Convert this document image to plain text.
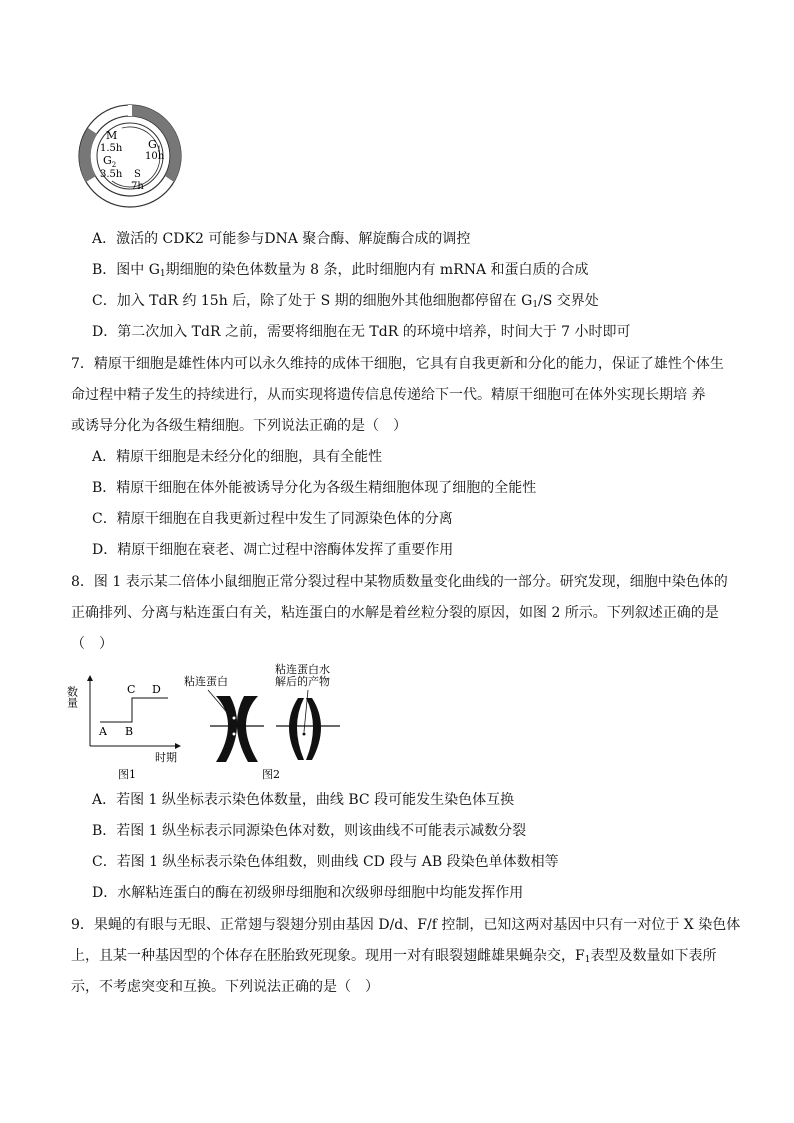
M
1.5h
$G_2$
3.5h
$G_1$
10h
S
7h
A．激活的 CDK2 可能参与DNA 聚合酶、解旋酶合成的调控
B．图中 $G_1$期细胞的染色体数量为 8 条，此时细胞内有 mRNA 和蛋白质的合成
C．加入 TdR 约 15h 后，除了处于 S 期的细胞外其他细胞都停留在 $G_1/S$ 交界处
D．第二次加入 TdR 之前，需要将细胞在无 TdR 的环境中培养，时间大于 7 小时即可
7．精原干细胞是雄性体内可以永久维持的成体干细胞，它具有自我更新和分化的能力，保证了雄性个体生
命过程中精子发生的持续进行，从而实现将遗传信息传递给下一代。精原干细胞可在体外实现长期培 养
或诱导分化为各级生精细胞。下列说法正确的是（　）
A．精原干细胞是未经分化的细胞，具有全能性
B．精原干细胞在体外能被诱导分化为各级生精细胞体现了细胞的全能性
C．精原干细胞在自我更新过程中发生了同源染色体的分离
D．精原干细胞在衰老、凋亡过程中溶酶体发挥了重要作用
8．图 1 表示某二倍体小鼠细胞正常分裂过程中某物质数量变化曲线的一部分。研究发现，细胞中染色体的
正确排列、分离与粘连蛋白有关，粘连蛋白的水解是着丝粒分裂的原因，如图 2 所示。下列叙述正确的是
（　）
数量
时期
A B
C D
图1
粘连蛋白
粘连蛋白水
解后的产物
图2
A．若图 1 纵坐标表示染色体数量，曲线 BC 段可能发生染色体互换
B．若图 1 纵坐标表示同源染色体对数，则该曲线不可能表示减数分裂
C．若图 1 纵坐标表示染色体组数，则曲线 CD 段与 AB 段染色单体数相等
D．水解粘连蛋白的酶在初级卵母细胞和次级卵母细胞中均能发挥作用
9．果蝇的有眼与无眼、正常翅与裂翅分别由基因 D/d、F/f 控制，已知这两对基因中只有一对位于 X 染色体
上，且某一种基因型的个体存在胚胎致死现象。现用一对有眼裂翅雌雄果蝇杂交，$F_1$表型及数量如下表所
示，不考虑突变和互换。下列说法正确的是（　）
